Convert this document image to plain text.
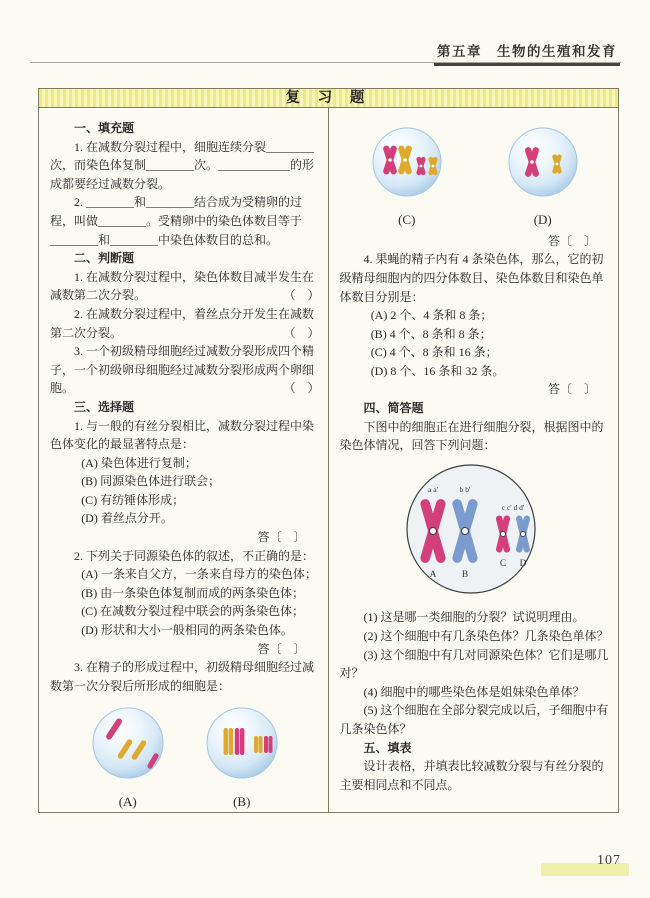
第五章　生物的生殖和发育
复 习 题

一、填充题

1. 在减数分裂过程中，细胞连续分裂________次，而染色体复制________次。____________的形成都要经过减数分裂。

2. ________和________结合成为受精卵的过程，叫做________。受精卵中的染色体数目等于________和________中染色体数目的总和。

二、判断题

1. 在减数分裂过程中，染色体数目减半发生在减数第二次分裂。	（　）

2. 在减数分裂过程中，着丝点分开发生在减数第二次分裂。	（　）

3. 一个初级精母细胞经过减数分裂形成四个精子，一个初级卵母细胞经过减数分裂形成两个卵细胞。	（　）

三、选择题

1. 与一般的有丝分裂相比，减数分裂过程中染色体变化的最显著特点是：

(A) 染色体进行复制；

(B) 同源染色体进行联会；

(C) 有纺锤体形成；

(D) 着丝点分开。

答〔　〕

2. 下列关于同源染色体的叙述，不正确的是：

(A) 一条来自父方，一条来自母方的染色体；

(B) 由一条染色体复制而成的两条染色体；

(C) 在减数分裂过程中联会的两条染色体；

(D) 形状和大小一般相同的两条染色体。

答〔　〕

3. 在精子的形成过程中，初级精母细胞经过减数第一次分裂后所形成的细胞是：

(A)	(B)
(C)	(D)

答〔　〕

4. 果蝇的精子内有 4 条染色体，那么，它的初级精母细胞内的四分体数目、染色体数目和染色单体数目分别是：

(A) 2 个、4 条和 8 条；

(B) 4 个、8 条和 8 条；

(C) 4 个、8 条和 16 条；

(D) 8 个、16 条和 32 条。

答〔　〕

四、简答题

下图中的细胞正在进行细胞分裂，根据图中的染色体情况，回答下列问题：

a a'	b b'
c c' d d'
A	B
C D

(1) 这是哪一类细胞的分裂？试说明理由。

(2) 这个细胞中有几条染色体？几条染色单体？

(3) 这个细胞中有几对同源染色体？它们是哪几对？

(4) 细胞中的哪些染色体是姐妹染色单体？

(5) 这个细胞在全部分裂完成以后，子细胞中有几条染色体？

五、填表

设计表格，并填表比较减数分裂与有丝分裂的主要相同点和不同点。

107
